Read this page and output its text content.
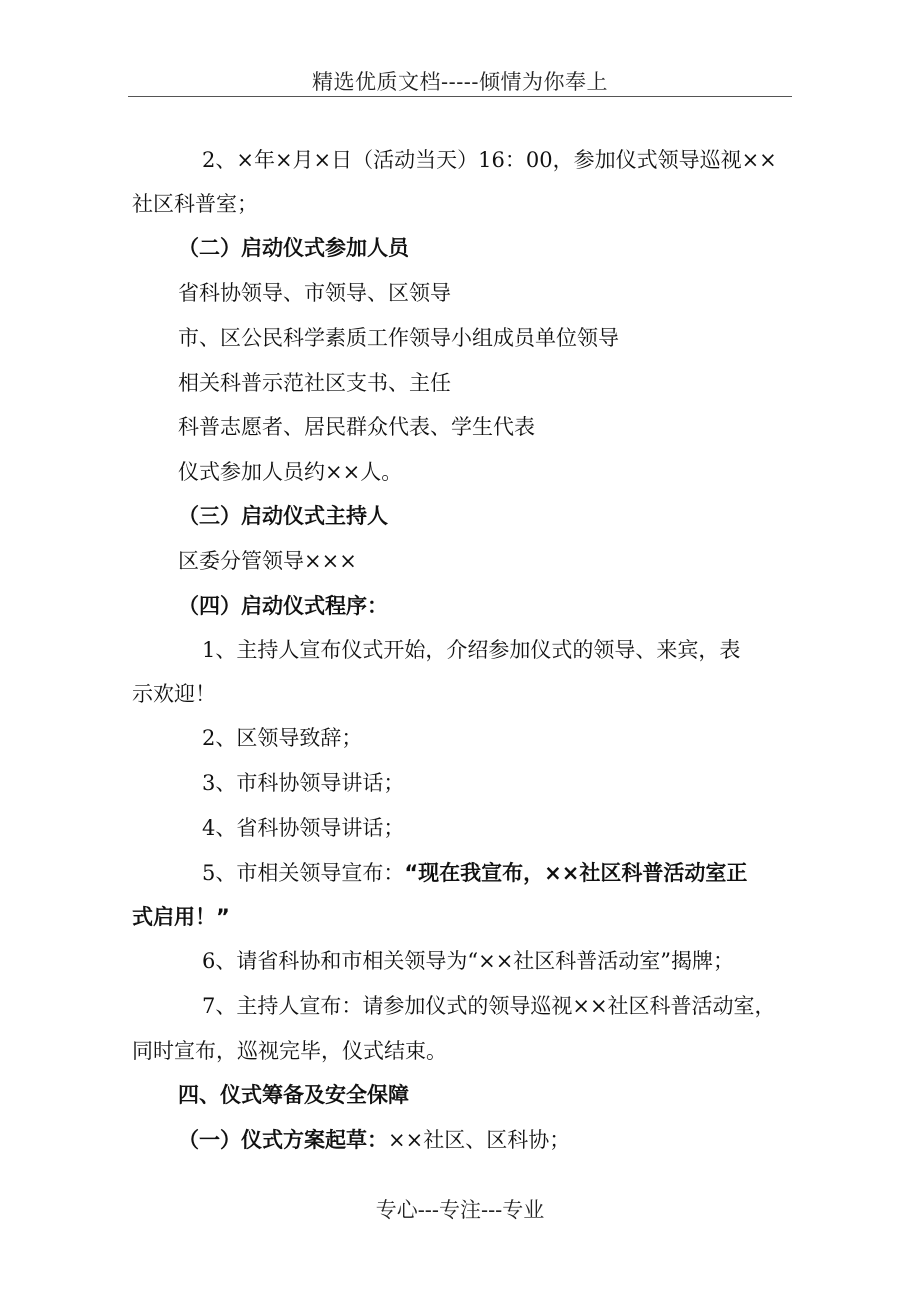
精选优质文档-----倾情为你奉上
2、×年×月×日（活动当天）16：00，参加仪式领导巡视××
社区科普室；
（二）启动仪式参加人员
省科协领导、市领导、区领导
市、区公民科学素质工作领导小组成员单位领导
相关科普示范社区支书、主任
科普志愿者、居民群众代表、学生代表
仪式参加人员约××人。
（三）启动仪式主持人
区委分管领导×××
（四）启动仪式程序：
1、主持人宣布仪式开始，介绍参加仪式的领导、来宾，表
示欢迎！
2、区领导致辞；
3、市科协领导讲话；
4、省科协领导讲话；
5、市相关领导宣布：“现在我宣布，××社区科普活动室正
式启用！”
6、请省科协和市相关领导为“××社区科普活动室”揭牌；
7、主持人宣布：请参加仪式的领导巡视××社区科普活动室，
同时宣布，巡视完毕，仪式结束。
四、仪式筹备及安全保障
（一）仪式方案起草：××社区、区科协；
专心---专注---专业
